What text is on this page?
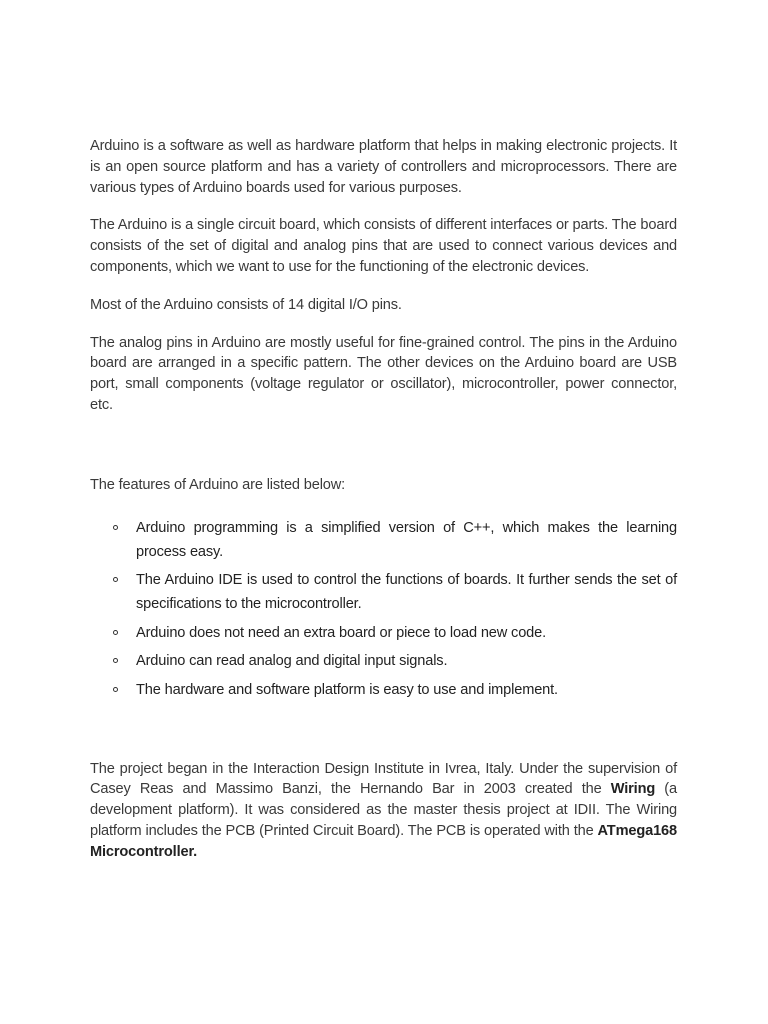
Arduino is a software as well as hardware platform that helps in making electronic projects. It is an open source platform and has a variety of controllers and microprocessors. There are various types of Arduino boards used for various purposes.

The Arduino is a single circuit board, which consists of different interfaces or parts. The board consists of the set of digital and analog pins that are used to connect various devices and components, which we want to use for the functioning of the electronic devices.

Most of the Arduino consists of 14 digital I/O pins.

The analog pins in Arduino are mostly useful for fine-grained control. The pins in the Arduino board are arranged in a specific pattern. The other devices on the Arduino board are USB port, small components (voltage regulator or oscillator), microcontroller, power connector, etc.

The features of Arduino are listed below:

Arduino programming is a simplified version of C++, which makes the learning process easy.
The Arduino IDE is used to control the functions of boards. It further sends the set of specifications to the microcontroller.
Arduino does not need an extra board or piece to load new code.
Arduino can read analog and digital input signals.
The hardware and software platform is easy to use and implement.

The project began in the Interaction Design Institute in Ivrea, Italy. Under the supervision of Casey Reas and Massimo Banzi, the Hernando Bar in 2003 created the Wiring (a development platform). It was considered as the master thesis project at IDII. The Wiring platform includes the PCB (Printed Circuit Board). The PCB is operated with the ATmega168 Microcontroller.
